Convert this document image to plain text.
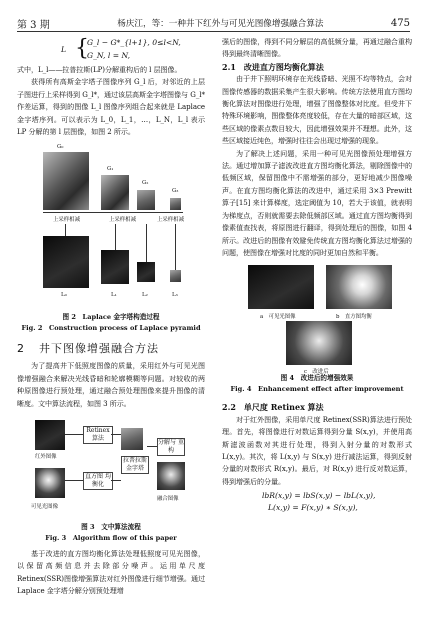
第 3 期	杨庆江，等：一种井下红外与可见光图像增强融合算法	475
L {
G_l − G*_{l+1}, 0≤l<N,
G_N, l = N,

式中，L_l——拉普拉斯(LP)分解重构后的 l 层图像。

获得所有高斯金字塔子图像序列 G_l 后，对邻近的上层子图进行上采样得到 G_l*，通过该层高斯金字塔图像与 G_l* 作差运算，得到的图像 L_l 图像序列组合起来就是 Laplace 金字塔序列。可以表示为 L_0，L_1，…，L_N，L_l 表示 LP 分解的第 l 层图像，如图 2 所示。

G₀
G₁
G₂
G₃
上采样相减	上采样相减	上采样相减
L₀	L₁	L₂	L₃

图 2　Laplace 金字塔构造过程

Fig. 2　Construction process of Laplace pyramid

2 井下图像增强融合方法

为了提高井下低照度图像的质量，采用红外与可见光图像增强融合来解决光线昏暗和轮廓模糊等问题。对较收的两种原图像进行预处理，通过融合预处理图像来提升图像的清晰度。文中算法流程，如图 3 所示。

红外图像
Retinex 算法
可见光图像
直方图 均衡化
拉普拉斯 金字塔
分解与 重构
融合图像

图 3　文中算法流程

Fig. 3　Algorithm flow of this paper

基于改进的直方图均衡化算法处理低照度可见光图像，以保留高频信息并去除部分噪声。运用单尺度 Retinex(SSR)图像增强算法对红外图像进行细节增强。通过 Laplace 金字塔分解分别预处理增

强后的图像，得到不同分解层的高低频分量，再通过融合重构得到最终清晰图像。

2.1　改进直方图均衡化算法

由于井下照明环境存在光线昏暗、光照不均等特点，会对图像传感器的数据采集产生很大影响。传统方法使用直方图均衡化算法对图像进行处理，增强了图像整体对比度。但受井下特殊环境影响，图像整体亮度较低，存在大量的暗部区域，这些区域的像素点数目较大，因此增强效果并不理想。此外，这些区域接近纯色，增强时往往会出现过增强的现象。

为了解决上述问题，采用一种可见光图像预处理增强方法。通过增加算子滤波改进直方图均衡化算法，剔除图像中的低频区域，保留图像中不需增强的部分，更好地减少图像噪声。在直方图均衡化算法的改进中，通过采用 3×3 Prewitt 算子[15] 来计算梯度，选定阈值为 10，若大于该值，就表明为梯度点，否则就需要去除低频部区域。通过直方图均衡得到像素值查找表，将原图进行翻译，得到处理后的图像，如图 4 所示。改进后的图像有效避免传统直方图均衡化算法过增强的问题，使图像在增强对比度的同时更加自然和平衡。

a　可见光图像	b　直方图均衡
c　改进后

图 4　改进后的增强效果

Fig. 4　Enhancement effect after improvement

2.2　单尺度 Retinex 算法

对于红外图像，采用单尺度 Retinex(SSR)算法进行预处理。首先，将图像进行对数运算得到分量 S(x,y)，并使用高斯滤波函数对其进行处理，得到入射分量的对数形式 L(x,y)。其次，将 L(x,y) 与 S(x,y) 进行减法运算，得到反射分量的对数形式 R(x,y)。最后，对 R(x,y) 进行反对数运算，得到增强后的分量。

lbR(x,y) = lbS(x,y) − lbL(x,y),

L(x,y) = F(x,y) ∗ S(x,y),
